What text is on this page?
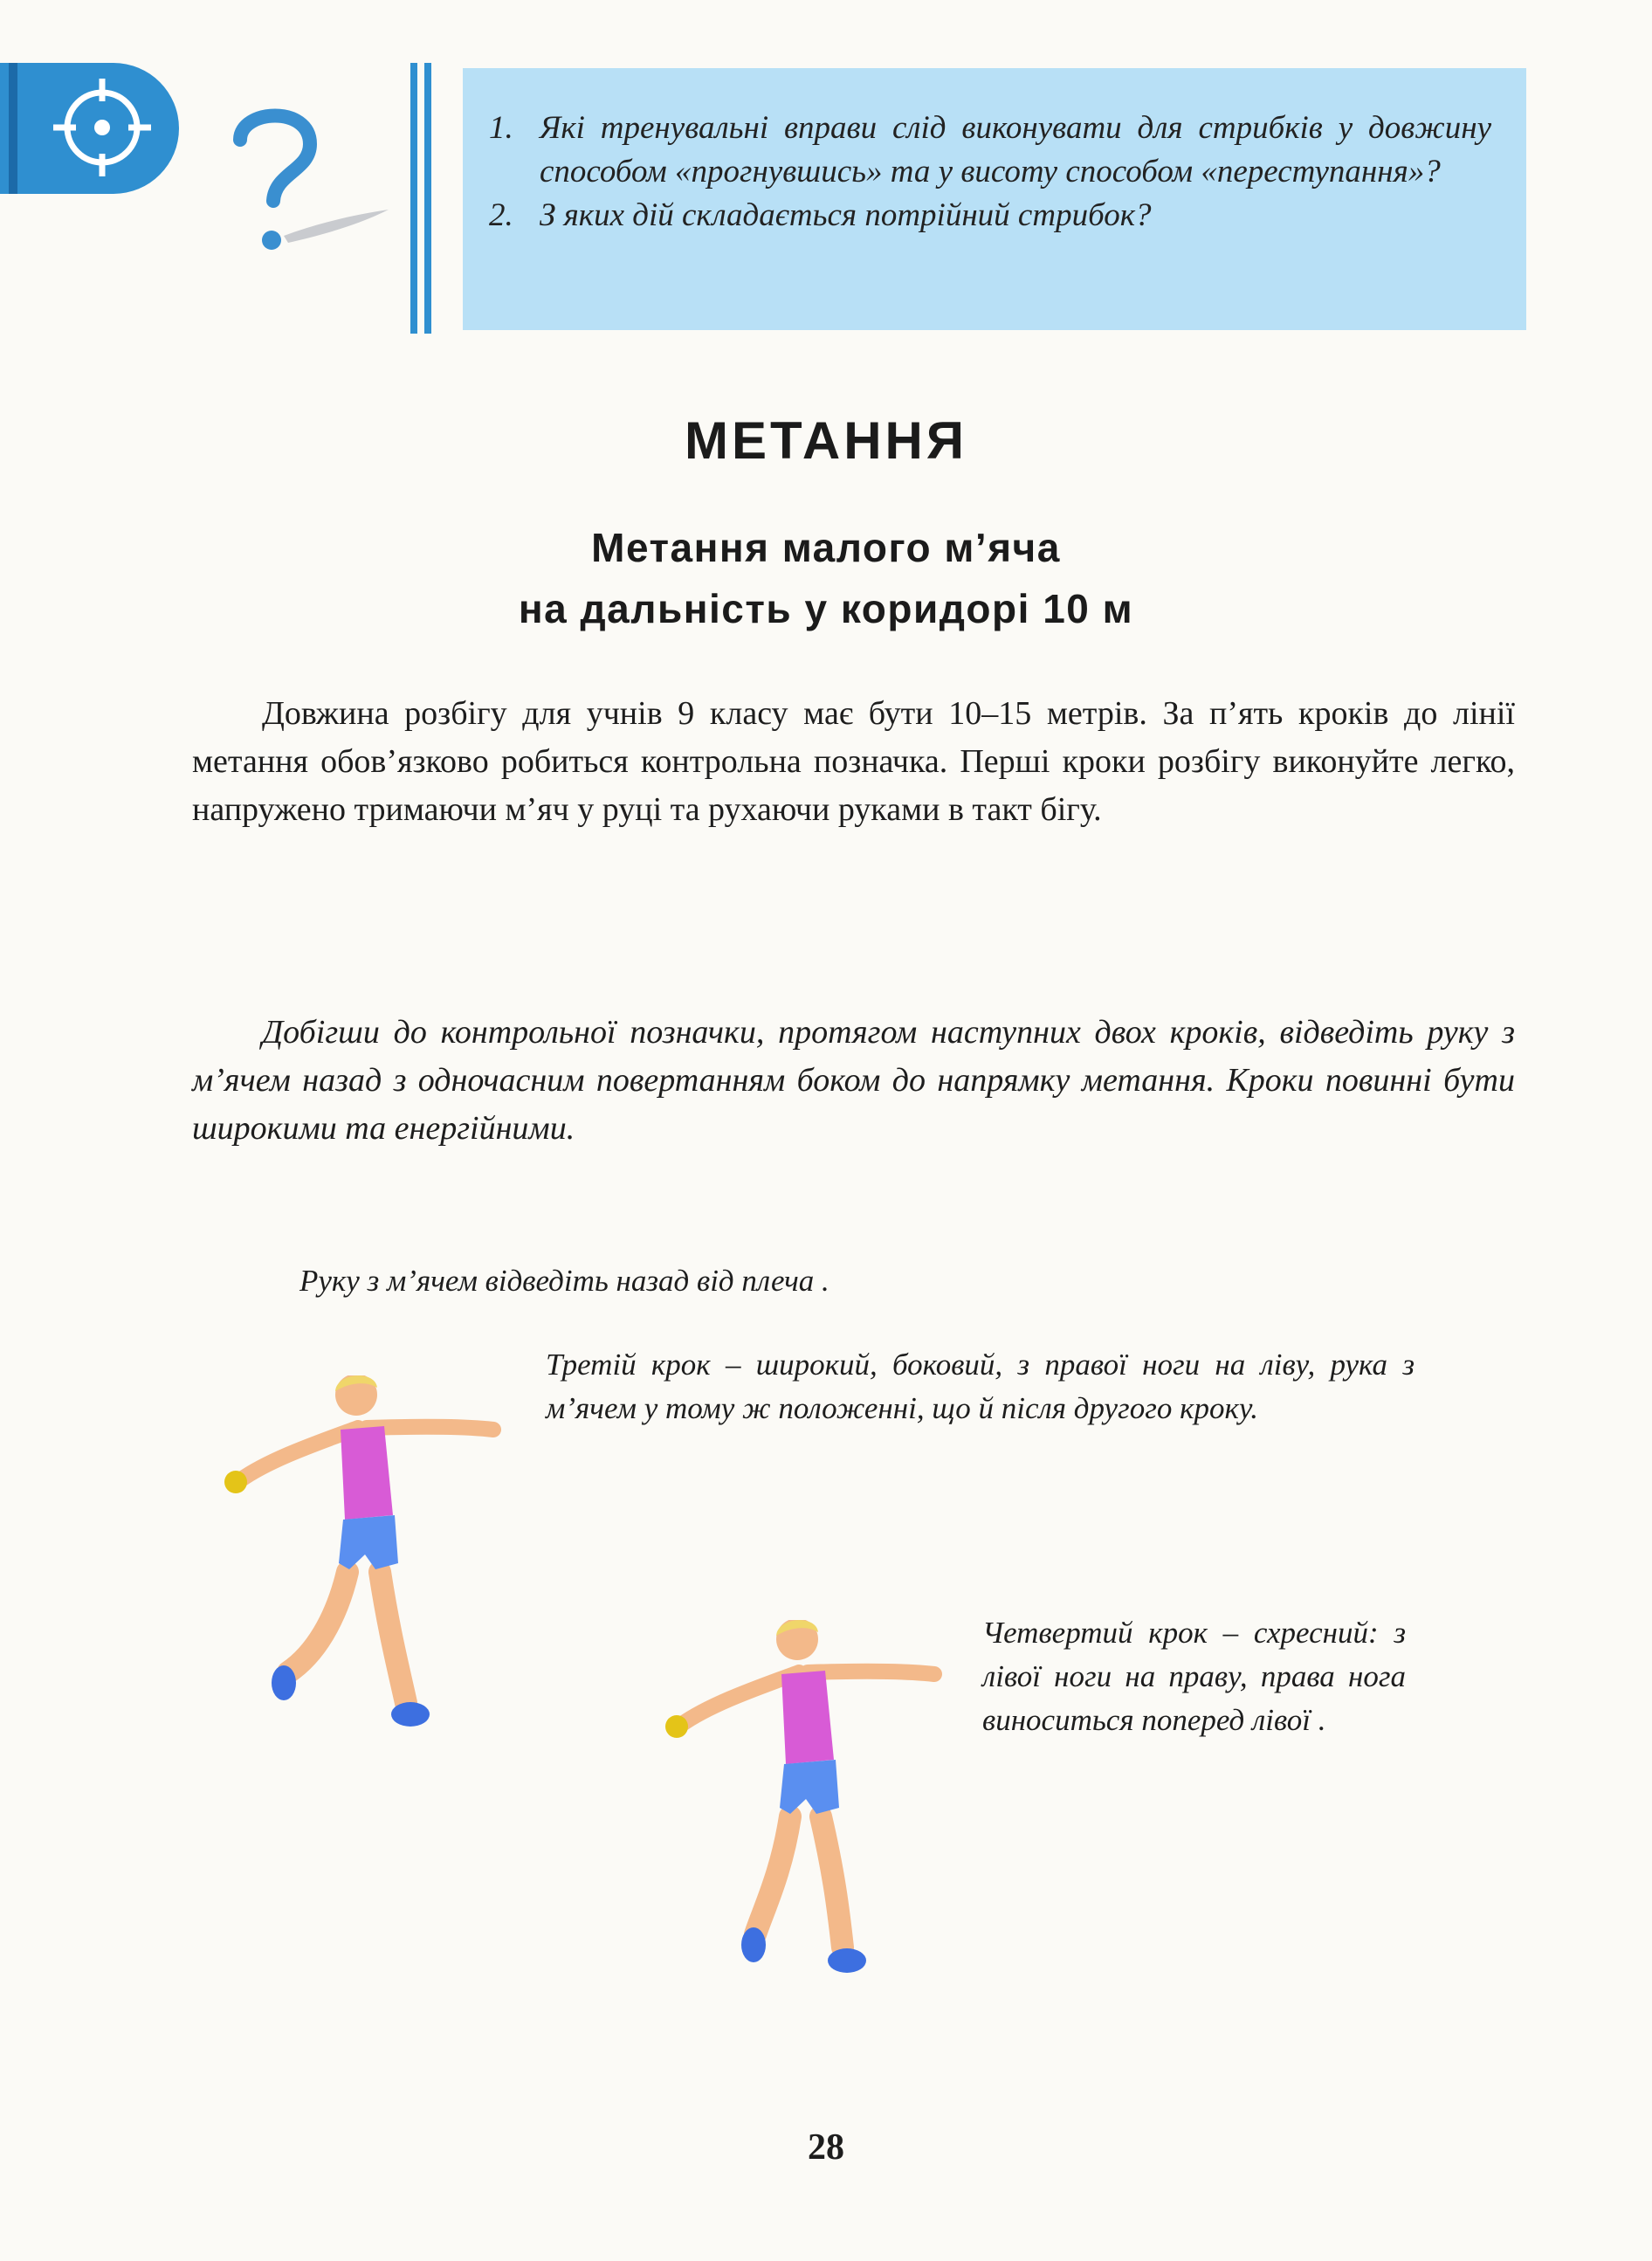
1. Які тренувальні вправи слід виконувати для стрибків у довжину способом «прогнувшись» та у висоту способом «переступання»?
2. З яких дій складається потрійний стрибок?
МЕТАННЯ
Метання малого м’яча
на дальність у коридорі 10 м
Довжина розбігу для учнів 9 класу має бути 10–15 метрів. За п’ять кроків до лінії метання обов’язково робиться контрольна позначка. Перші кроки розбігу виконуйте легко, напружено тримаючи м’яч у руці та рухаючи руками в такт бігу.
Добігши до контрольної позначки, протягом наступних двох кроків, відведіть руку з м’ячем назад з одночасним повертанням боком до напрямку метання. Кроки повинні бути широкими та енергійними.
Руку з м’ячем відведіть назад від плеча .
Третій крок – широкий, боковий, з правої ноги на ліву, рука з м’ячем у тому ж положенні, що й після другого кроку.
Четвертий крок – схресний: з лівої ноги на праву, права нога виноситься поперед лівої .
28
